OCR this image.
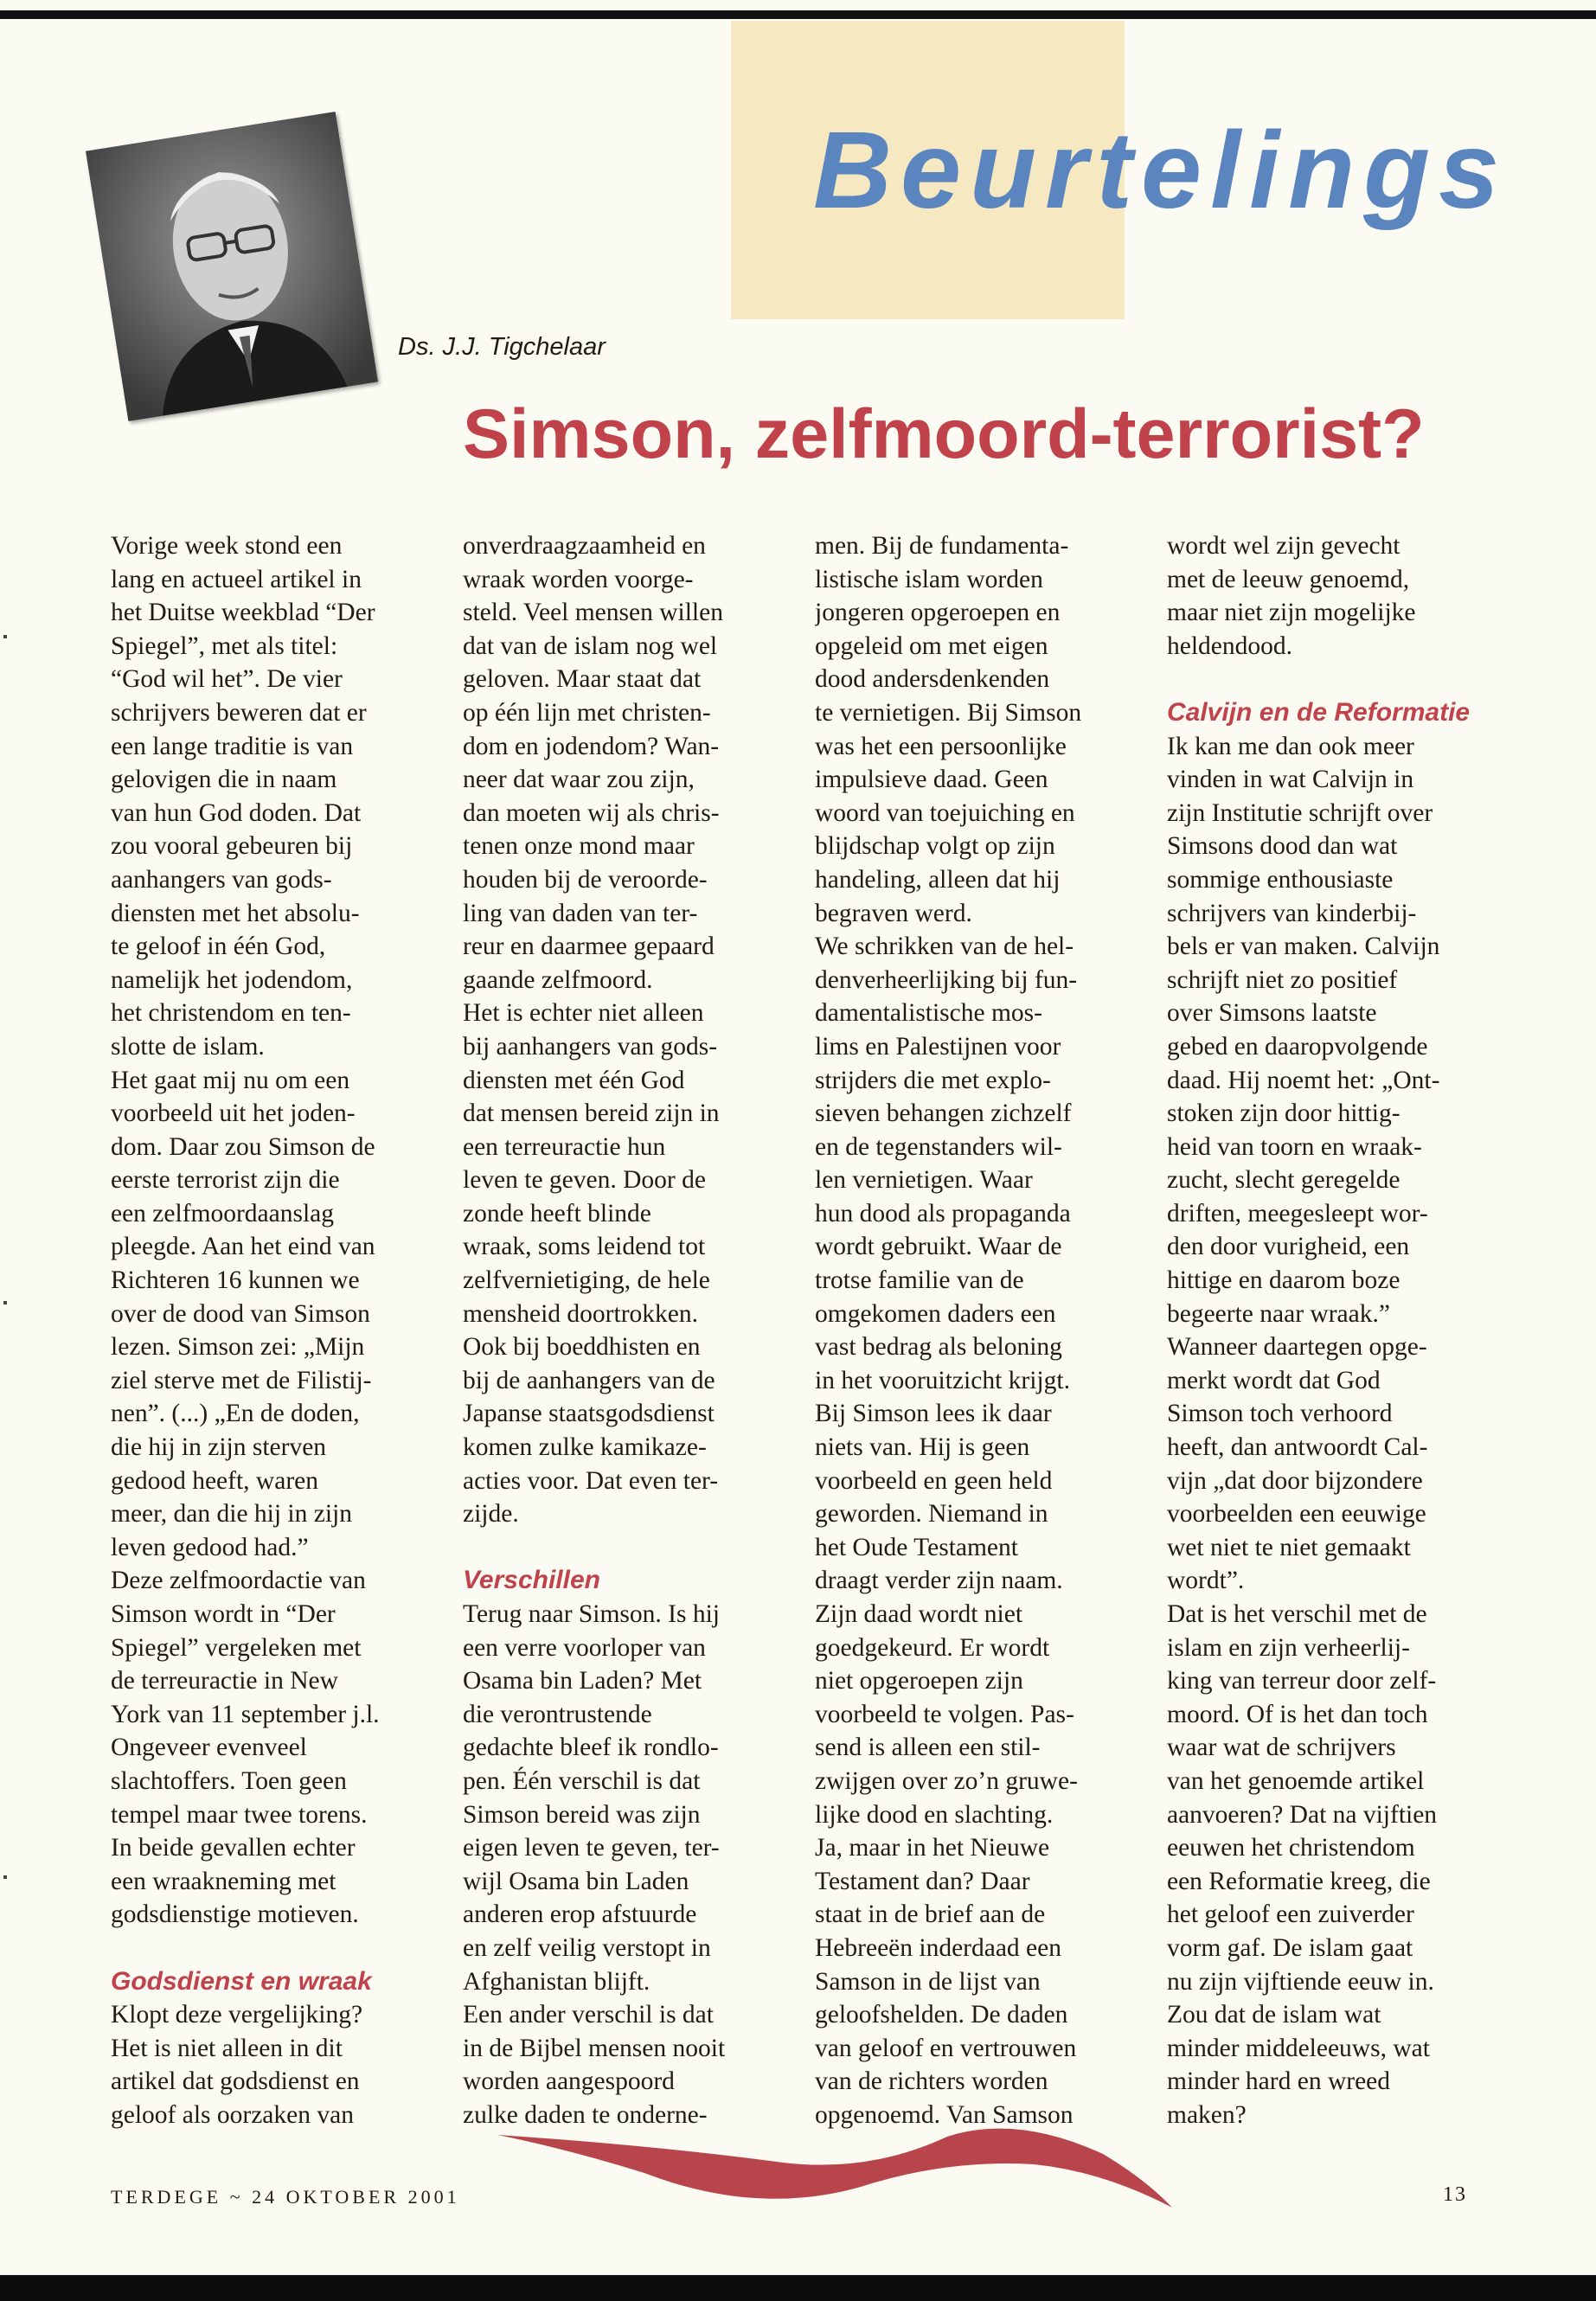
Beurtelings
Ds. J.J. Tigchelaar
Simson, zelfmoord-terrorist?

Vorige week stond een

lang en actueel artikel in

het Duitse weekblad “Der

Spiegel”, met als titel:

“God wil het”. De vier

schrijvers beweren dat er

een lange traditie is van

gelovigen die in naam

van hun God doden. Dat

zou vooral gebeuren bij

aanhangers van gods-

diensten met het absolu-

te geloof in één God,

namelijk het jodendom,

het christendom en ten-

slotte de islam.

Het gaat mij nu om een

voorbeeld uit het joden-

dom. Daar zou Simson de

eerste terrorist zijn die

een zelfmoordaanslag

pleegde. Aan het eind van

Richteren 16 kunnen we

over de dood van Simson

lezen. Simson zei: „Mijn

ziel sterve met de Filistij-

nen”. (...) „En de doden,

die hij in zijn sterven

gedood heeft, waren

meer, dan die hij in zijn

leven gedood had.”

Deze zelfmoordactie van

Simson wordt in “Der

Spiegel” vergeleken met

de terreuractie in New

York van 11 september j.l.

Ongeveer evenveel

slachtoffers. Toen geen

tempel maar twee torens.

In beide gevallen echter

een wraakneming met

godsdienstige motieven.

Godsdienst en wraak

Klopt deze vergelijking?

Het is niet alleen in dit

artikel dat godsdienst en

geloof als oorzaken van

onverdraagzaamheid en

wraak worden voorge-

steld. Veel mensen willen

dat van de islam nog wel

geloven. Maar staat dat

op één lijn met christen-

dom en jodendom? Wan-

neer dat waar zou zijn,

dan moeten wij als chris-

tenen onze mond maar

houden bij de veroorde-

ling van daden van ter-

reur en daarmee gepaard

gaande zelfmoord.

Het is echter niet alleen

bij aanhangers van gods-

diensten met één God

dat mensen bereid zijn in

een terreuractie hun

leven te geven. Door de

zonde heeft blinde

wraak, soms leidend tot

zelfvernietiging, de hele

mensheid doortrokken.

Ook bij boeddhisten en

bij de aanhangers van de

Japanse staatsgodsdienst

komen zulke kamikaze-

acties voor. Dat even ter-

zijde.

Verschillen

Terug naar Simson. Is hij

een verre voorloper van

Osama bin Laden? Met

die verontrustende

gedachte bleef ik rondlo-

pen. Één verschil is dat

Simson bereid was zijn

eigen leven te geven, ter-

wijl Osama bin Laden

anderen erop afstuurde

en zelf veilig verstopt in

Afghanistan blijft.

Een ander verschil is dat

in de Bijbel mensen nooit

worden aangespoord

zulke daden te onderne-

men. Bij de fundamenta-

listische islam worden

jongeren opgeroepen en

opgeleid om met eigen

dood andersdenkenden

te vernietigen. Bij Simson

was het een persoonlijke

impulsieve daad. Geen

woord van toejuiching en

blijdschap volgt op zijn

handeling, alleen dat hij

begraven werd.

We schrikken van de hel-

denverheerlijking bij fun-

damentalistische mos-

lims en Palestijnen voor

strijders die met explo-

sieven behangen zichzelf

en de tegenstanders wil-

len vernietigen. Waar

hun dood als propaganda

wordt gebruikt. Waar de

trotse familie van de

omgekomen daders een

vast bedrag als beloning

in het vooruitzicht krijgt.

Bij Simson lees ik daar

niets van. Hij is geen

voorbeeld en geen held

geworden. Niemand in

het Oude Testament

draagt verder zijn naam.

Zijn daad wordt niet

goedgekeurd. Er wordt

niet opgeroepen zijn

voorbeeld te volgen. Pas-

send is alleen een stil-

zwijgen over zo’n gruwe-

lijke dood en slachting.

Ja, maar in het Nieuwe

Testament dan? Daar

staat in de brief aan de

Hebreeën inderdaad een

Samson in de lijst van

geloofshelden. De daden

van geloof en vertrouwen

van de richters worden

opgenoemd. Van Samson

wordt wel zijn gevecht

met de leeuw genoemd,

maar niet zijn mogelijke

heldendood.

Calvijn en de Reformatie

Ik kan me dan ook meer

vinden in wat Calvijn in

zijn Institutie schrijft over

Simsons dood dan wat

sommige enthousiaste

schrijvers van kinderbij-

bels er van maken. Calvijn

schrijft niet zo positief

over Simsons laatste

gebed en daaropvolgende

daad. Hij noemt het: „Ont-

stoken zijn door hittig-

heid van toorn en wraak-

zucht, slecht geregelde

driften, meegesleept wor-

den door vurigheid, een

hittige en daarom boze

begeerte naar wraak.”

Wanneer daartegen opge-

merkt wordt dat God

Simson toch verhoord

heeft, dan antwoordt Cal-

vijn „dat door bijzondere

voorbeelden een eeuwige

wet niet te niet gemaakt

wordt”.

Dat is het verschil met de

islam en zijn verheerlij-

king van terreur door zelf-

moord. Of is het dan toch

waar wat de schrijvers

van het genoemde artikel

aanvoeren? Dat na vijftien

eeuwen het christendom

een Reformatie kreeg, die

het geloof een zuiverder

vorm gaf. De islam gaat

nu zijn vijftiende eeuw in.

Zou dat de islam wat

minder middeleeuws, wat

minder hard en wreed

maken?

TERDEGE ~ 24 OKTOBER 2001	13
